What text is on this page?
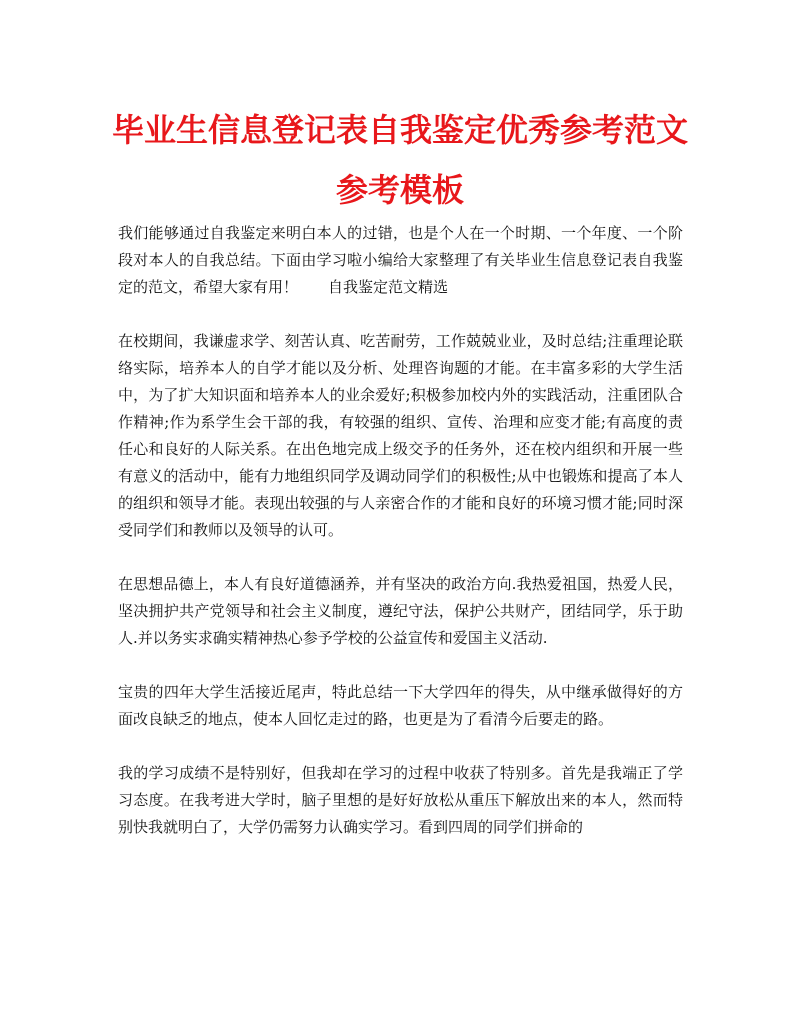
毕业生信息登记表自我鉴定优秀参考范文
参考模板

我们能够通过自我鉴定来明白本人的过错，也是个人在一个时期、一个年度、一个阶段对本人的自我总结。下面由学习啦小编给大家整理了有关毕业生信息登记表自我鉴定的范文，希望大家有用！　　自我鉴定范文精选

在校期间，我谦虚求学、刻苦认真、吃苦耐劳，工作兢兢业业，及时总结;注重理论联络实际，培养本人的自学才能以及分析、处理咨询题的才能。在丰富多彩的大学生活中，为了扩大知识面和培养本人的业余爱好;积极参加校内外的实践活动，注重团队合作精神;作为系学生会干部的我，有较强的组织、宣传、治理和应变才能;有高度的责任心和良好的人际关系。在出色地完成上级交予的任务外，还在校内组织和开展一些有意义的活动中，能有力地组织同学及调动同学们的积极性;从中也锻炼和提高了本人的组织和领导才能。表现出较强的与人亲密合作的才能和良好的环境习惯才能;同时深受同学们和教师以及领导的认可。

在思想品德上，本人有良好道德涵养，并有坚决的政治方向.我热爱祖国，热爱人民，坚决拥护共产党领导和社会主义制度，遵纪守法，保护公共财产，团结同学，乐于助人.并以务实求确实精神热心参予学校的公益宣传和爱国主义活动.

宝贵的四年大学生活接近尾声，特此总结一下大学四年的得失，从中继承做得好的方面改良缺乏的地点，使本人回忆走过的路，也更是为了看清今后要走的路。

我的学习成绩不是特别好，但我却在学习的过程中收获了特别多。首先是我端正了学习态度。在我考进大学时，脑子里想的是好好放松从重压下解放出来的本人，然而特别快我就明白了，大学仍需努力认确实学习。看到四周的同学们拼命的
